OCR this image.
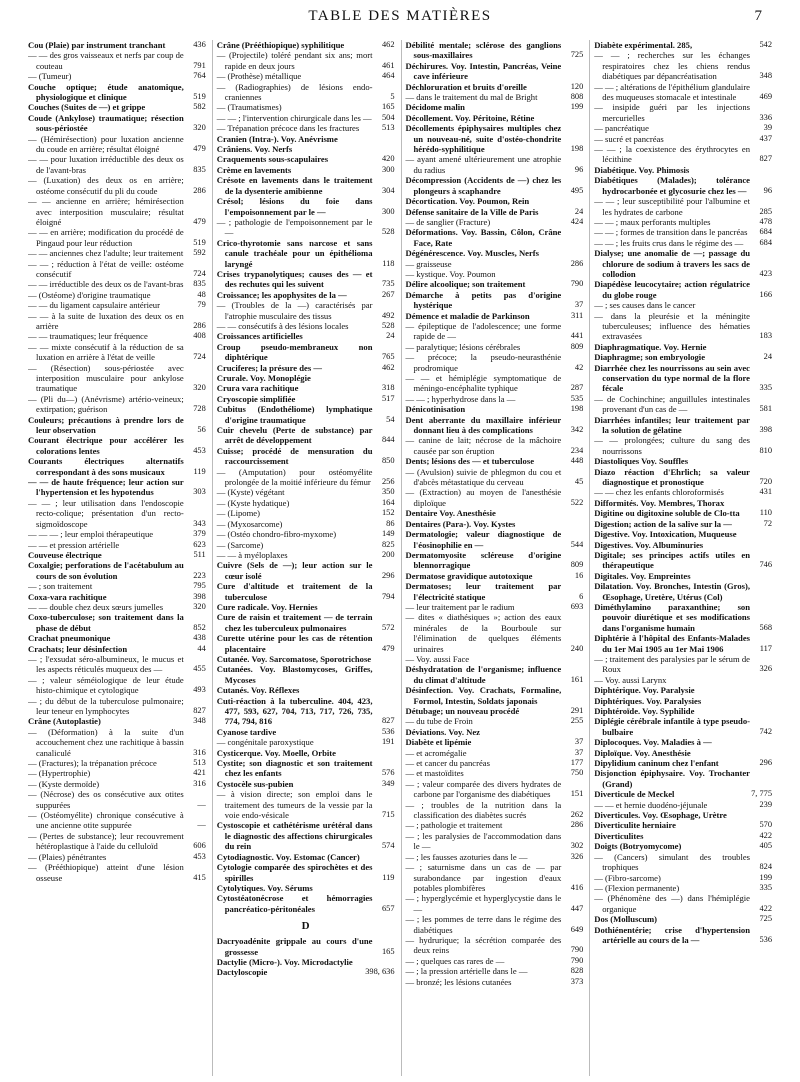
TABLE DES MATIÈRES	7
Cou (Plaie) par instrument tranchant	436
— — des gros vaisseaux et nerfs par coup de couteau	791
— (Tumeur)	764
Couche optique; étude anatomique, physiologique et clinique	519
Couches (Suites de —) et grippe	582
Coude (Ankylose) traumatique; résection sous-périostée	320
— (Hémirésection) pour luxation ancienne du coude en arrière; résultat éloigné	479
— — pour luxation irréductible des deux os de l'avant-bras	835
— (Luxation) des deux os en arrière; ostéome consécutif du pli du coude	286
— — ancienne en arrière; hémirésection avec interposition musculaire; résultat éloigné	479
— — en arrière; modification du procédé de Pingaud pour leur réduction	519
— — anciennes chez l'adulte; leur traitement 592
— — ; réduction à l'état de veille: ostéome consécutif	724
— — irréductible des deux os de l'avant-bras 835
— (Ostéome) d'origine traumatique	48
— — du ligament capsulaire antérieur	79
— — à la suite de luxation des deux os en arrière	286
— — traumatiques; leur fréquence	408
— — mixte consécutif à la réduction de sa luxation en arrière à l'état de veille	724
— (Résection) sous-périostée avec interposition musculaire pour ankylose traumatique	320
— (Pli du—) (Anévrisme) artério-veineux; extirpation; guérison	728
Couleurs; précautions à prendre lors de leur observation	56
Courant électrique pour accélérer les colorations lentes	453
Courants électriques alternatifs correspondant à des sons musicaux	119
— — de haute fréquence; leur action sur l'hypertension et les hypotendus	303
— — ; leur utilisation dans l'endoscopie recto-colique; présentation d'un recto-sigmoïdoscope	343
— — — ; leur emploi thérapeutique	379
— — et pression artérielle	623
Couveuse électrique	511
Coxalgie; perforations de l'acétabulum au cours de son évolution	223
— ; son traitement	795
Coxa-vara rachitique	398
— — double chez deux sœurs jumelles	320
Coxo-tuberculose; son traitement dans la phase de début	852
Crachat pneumonique	438
Crachats; leur désinfection	44
— ; l'exsudat séro-albumineux, le mucus et les aspects réticulés muqueux des —	455
— ; valeur séméiologique de leur étude histo-chimique et cytologique	493
— ; du début de la tuberculose pulmonaire; leur teneur en lymphocytes	827
Crâne (Autoplastie)	348
— (Déformation) à la suite d'un accouchement chez une rachitique à bassin canaliculé	316
— (Fractures); la trépanation précoce	513
— (Hypertrophie)	421
— (Kyste dermoïde)	316
— (Nécrose) des os consécutive aux otites suppurées	—
— (Ostéomyélite) chronique consécutive à une ancienne otite suppurée	—
— (Pertes de substance); leur recouvrement hétéroplastique à l'aide du celluloïd	606
— (Plaies) pénétrantes	453
— (Prééthiopique) atteint d'une lésion osseuse	415
Crâne (Prééthiopique) syphilitique	462
— (Projectile) toléré pendant six ans; mort rapide en deux jours	461
— (Prothèse) métallique	464
— (Radiographies) de lésions endo-craniennes	5
— (Traumatismes)	165
— — ; l'intervention chirurgicale dans les — 504
— Trépanation précoce dans les fractures	513
Cranien (Intra-). Voy. Anévrisme
Crâniens. Voy. Nerfs
Craquements sous-scapulaires	420
Crème en lavements	300
Crésote en lavements dans le traitement de la dysenterie amibienne	304
Crésol; lésions du foie dans l'empoisonnement par le —	300
— ; pathologie de l'empoisonnement par le —	528
Crico-thyrotomie sans narcose et sans canule trachéale pour un épithélioma laryngé	118
Crises trypanolytiques; causes des — et des rechutes qui les suivent	735
Croissance; les apophysites de la —	267
— (Troubles de la —) caractérisés par l'atrophie musculaire des tissus	492
— — consécutifs à des lésions locales	528
Croissances artificielles	24
Croup pseudo-membraneux non diphtérique	765
Cruciferes; la présure des —	462
Crurale. Voy. Monoplégie
Crura vara rachitique	318
Cryoscopie simplifiée	517
Cubitus (Endothéliome) lymphatique d'origine traumatique	54
Cuir chevelu (Perte de substance) par arrêt de développement	844
Cuisse; procédé de mensuration du raccourcissement	850
— (Amputation) pour ostéomyélite prolongée de la moitié inférieure du fémur 256
— (Kyste) végétant	350
— (Kyste hydatique)	164
— (Lipome)	152
— (Myxosarcome)	86
— (Ostéo chondro-fibro-myxome)	149
— (Sarcome)	825
— — à myéloplaxes	200
Cuivre (Sels de —); leur action sur le cœur isolé	296
Cure d'altitude et traitement de la tuberculose	794
Cure radicale. Voy. Hernies
Cure de raisin et traitement — de terrain chez les tuberculeux pulmonaires	572
Curette utérine pour les cas de rétention placentaire	479
Cutanée. Voy. Sarcomatose, Sporotrichose
Cutanées. Voy. Blastomycoses, Griffes, Mycoses
Cutanés. Voy. Réflexes
Cuti-réaction à la tuberculine. 404, 423, 477, 593, 627, 704, 713, 717, 726, 735, 774, 794, 816	827
Cyanose tardive	536
— congénitale paroxystique	191
Cysticerque. Voy. Moelle, Orbite
Cystite; son diagnostic et son traitement chez les enfants	576
Cystocèle sus-pubien	349
— à vision directe; son emploi dans le traitement des tumeurs de la vessie par la voie endo-vésicale	715
Cystoscopie et cathétérisme urétéral dans le diagnostic des affections chirurgicales du rein	574
Cytodiagnostic. Voy. Estomac (Cancer)
Cytologie comparée des spirochètes et des spirilles	119
Cytolytiques. Voy. Sérums
Cytostéatonécrose et hémorragies pancréatico-péritonéales	657
D
Dacryoadénite grippale au cours d'une grossesse	165
Dactylie (Micro-). Voy. Microdactylie
Dactyloscopie	398, 636
Débilité mentale; sclérose des ganglions sous-maxillaires	725
Déchirures. Voy. Intestin, Pancréas, Veine cave inférieure
Déchloruration et bruits d'oreille	120
— dans le traitement du mal de Bright	808
Décidome malin	199
Décollement. Voy. Péritoine, Rétine
Décollements épiphysaires multiples chez un nouveau-né, suite d'ostéo-chondrite hérédo-syphilitique	198
— ayant amené ultérieurement une atrophie du radius	96
Décompression (Accidents de —) chez les plongeurs à scaphandre	495
Décortication. Voy. Poumon, Rein
Défense sanitaire de la Ville de Paris	24
— de sanglier (Fracture)	424
Déformations. Voy. Bassin, Côlon, Crâne Face, Rate
Dégénérescence. Voy. Muscles, Nerfs
— graisseuse	286
— kystique. Voy. Poumon
Délire alcoolique; son traitement	790
Démarche à petits pas d'origine hystérique	37
Démence et maladie de Parkinson	311
— épileptique de l'adolescence; une forme rapide de —	441
— paralytique; lésions cérébrales	809
— précoce; la pseudo-neurasthénie prodromique	42
— — et hémiplégie symptomatique de méningo-encéphalite typhique	287
— — ; hyperhydrose dans la —	535
Dénicotinisation	198
Dent aberrante du maxillaire inférieur donnant lieu à des complications	342
— canine de lait; nécrose de la mâchoire causée par son éruption	234
Dents; lésions des — et tuberculose	448
— (Avulsion) suivie de phlegmon du cou et d'abcès métastatique du cerveau	45
— (Extraction) au moyen de l'anesthésie diploïque	522
Dentaire Voy. Anesthésie
Dentaires (Para-). Voy. Kystes
Dermatologie; valeur diagnostique de l'éosinophilie en —	544
Dermatomyosite scléreuse d'origine blennorragique	809
Dermatose gravidique autotoxique	16
Dermatoses; leur traitement par l'électricité statique	6
— leur traitement par le radium	693
— dites « diathésiques »; action des eaux minérales de la Bourboule sur l'élimination de quelques éléments urinaires	240
— Voy. aussi Face
Déshydratation de l'organisme; influence du climat d'altitude	161
Désinfection. Voy. Crachats, Formaline, Formol, Intestin, Soldats japonais
Détubage; un nouveau procédé	291
— du tube de Froin	255
Déviations. Voy. Nez
Diabète et lipémie	37
— et acromégalie	37
— et cancer du pancréas	177
— et mastoïdites	750
— ; valeur comparée des divers hydrates de carbone par l'organisme des diabétiques 151
— ; troubles de la nutrition dans la classification des diabètes sucrés	262
— ; pathologie et traitement	286
— ; les paralysies de l'accommodation dans le —	302
— ; les fausses azoturies dans le —	326
— ; saturnisme dans un cas de — par surabondance par ingestion d'eaux potables plombifères	416
— ; hyperglycémie et hyperglycystie dans le —	447
— ; les pommes de terre dans le régime des diabétiques	649
— hydrurique; la sécrétion comparée des deux reins	790
— ; quelques cas rares de —	790
— ; la pression artérielle dans le —	828
— bronzé; les lésions cutanées	373
Diabète expérimental. 285,	542
— — ; recherches sur les échanges respiratoires chez les chiens rendus diabétiques par dépancréatisation	348
— — ; altérations de l'épithélium glandulaire des muqueuses stomacale et intestinale	469
— insipide guéri par les injections mercurielles	336
— pancréatique	39
— sucré et pancréas	437
— — ; la coexistence des érythrocytes en lécithine	827
Diabétique. Voy. Phimosis
Diabétiques (Malades); tolérance hydrocarbonée et glycosurie chez les — 96
— — ; leur susceptibilité pour l'albumine et les hydrates de carbone	285
— — ; maux perforants multiples	478
— — ; formes de transition dans le pancréas 684
— — ; les fruits crus dans le régime des — 684
Dialyse; une anomalie de —; passage du chlorure de sodium à travers les sacs de collodion	423
Diapédèse leucocytaire; action régulatrice du globe rouge	166
— ; ses causes dans le cancer
— dans la pleurésie et la méningite tuberculeuses; influence des hématies extravasées	183
Diaphragmatique. Voy. Hernie
Diaphragme; son embryologie	24
Diarrhée chez les nourrissons au sein avec conservation du type normal de la flore fécale	335
— de Cochinchine; anguillules intestinales provenant d'un cas de —	581
Diarrhées infantiles; leur traitement par la solution de gélatine	398
— — prolongées; culture du sang des nourrissons	810
Diastoliques Voy. Souffles
Diazo réaction d'Ehrlich; sa valeur diagnostique et pronostique	720
— — chez les enfants chloroformisés	431
Difformités. Voy. Membres, Thorax
Digitine ou digitoxine soluble de Clo-tta 110
Digestion; action de la salive sur la —	72
Digestive. Voy. Intoxication, Muqueuse
Digestives. Voy. Albuminuries
Digitale; ses principes actifs utiles en thérapeutique	746
Digitales. Voy. Empreintes
Dilatation. Voy. Bronches, Intestin (Gros), Œsophage, Uretère, Utérus (Col)
Diméthylamino paraxanthine; son pouvoir diurétique et ses modifications dans l'organisme humain	568
Diphtérie à l'hôpital des Enfants-Malades du 1er Mai 1905 au 1er Mai 1906	117
— ; traitement des paralysies par le sérum de Roux	326
— Voy. aussi Larynx
Diphtérique. Voy. Paralysie
Diphtériques. Voy. Paralysies
Diphtéroïde. Voy. Syphilide
Diplégie cérébrale infantile à type pseudo-bulbaire	742
Diplocoques. Voy. Maladies à —
Diploïque. Voy. Anesthésie
Dipylidium caninum chez l'enfant	296
Disjonction épiphysaire. Voy. Trochanter (Grand)
Diverticule de Meckel	7, 775
— — et hernie duodéno-jéjunale	239
Diverticules. Voy. Œsophage, Urètre
Diverticulite herniaire	570
Diverticulites	422
Doigts (Botryomycome)	405
— (Cancers) simulant des troubles trophiques	824
— (Fibro-sarcome)	199
— (Flexion permanente)	335
— (Phénomène des —) dans l'hémiplégie organique	422
Dos (Molluscum)	725
Dothiénentérie; crise d'hypertension artérielle au cours de la —	536
